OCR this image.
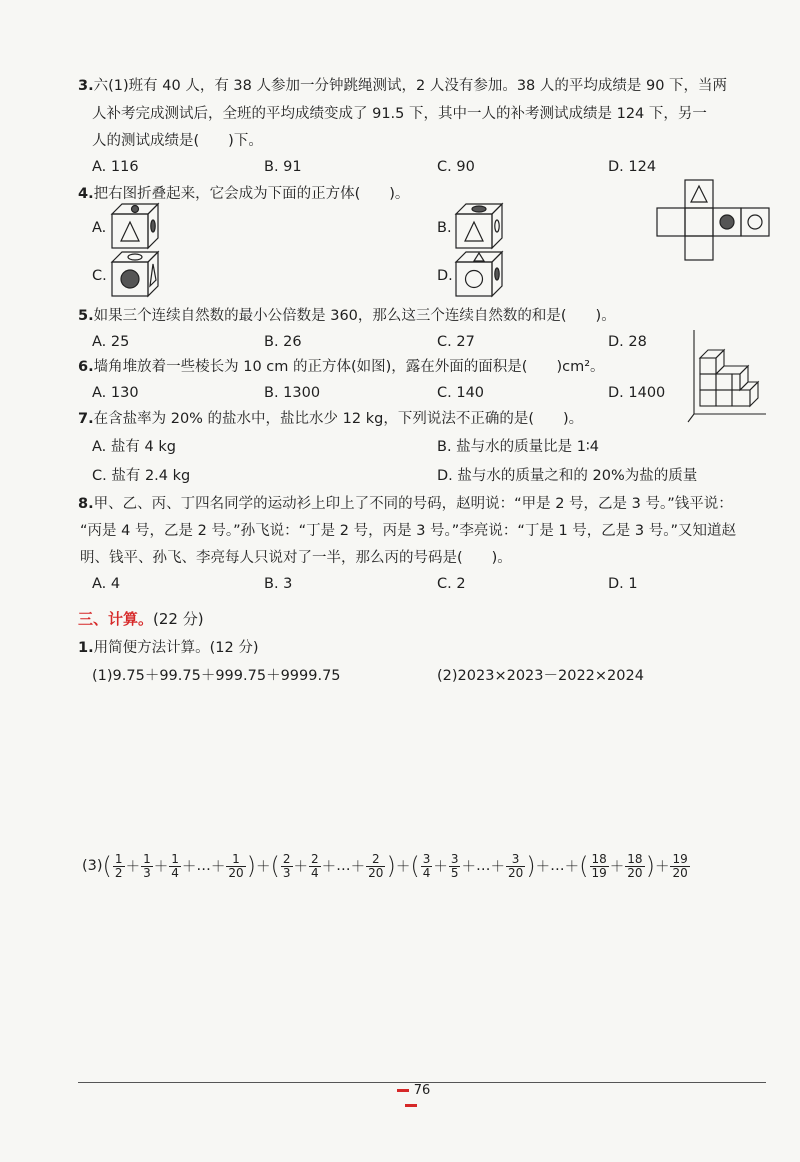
3.六(1)班有 40 人，有 38 人参加一分钟跳绳测试，2 人没有参加。38 人的平均成绩是 90 下，当两
人补考完成测试后，全班的平均成绩变成了 91.5 下，其中一人的补考测试成绩是 124 下，另一
人的测试成绩是(　　)下。
A. 116	B. 91	C. 90	D. 124
4.把右图折叠起来，它会成为下面的正方体(　　)。
A.	B.
C.	D.
5.如果三个连续自然数的最小公倍数是 360，那么这三个连续自然数的和是(　　)。
A. 25	B. 26	C. 27	D. 28
6.墙角堆放着一些棱长为 10 cm 的正方体(如图)，露在外面的面积是(　　)cm²。
A. 130	B. 1300	C. 140	D. 1400
7.在含盐率为 20% 的盐水中，盐比水少 12 kg，下列说法不正确的是(　　)。
A. 盐有 4 kg	B. 盐与水的质量比是 1∶4
C. 盐有 2.4 kg	D. 盐与水的质量之和的 20%为盐的质量
8.甲、乙、丙、丁四名同学的运动衫上印上了不同的号码，赵明说：“甲是 2 号，乙是 3 号。”钱平说：
“丙是 4 号，乙是 2 号。”孙飞说：“丁是 2 号，丙是 3 号。”李亮说：“丁是 1 号，乙是 3 号。”又知道赵
明、钱平、孙飞、李亮每人只说对了一半，那么丙的号码是(　　)。
A. 4	B. 3	C. 2	D. 1
三、计算。(22 分)
1.用简便方法计算。(12 分)
(1)9.75＋99.75＋999.75＋9999.75	(2)2023×2023－2022×2024
$(3)( \frac{1}{2} + \frac{1}{3} + \frac{1}{4}$ ＋…＋ $\frac{1}{20}$ )＋( $\frac{2}{3} + \frac{2}{4}$ ＋…＋ $\frac{2}{20}$ )＋( $\frac{3}{4} + \frac{3}{5}$ ＋…＋ $\frac{3}{20}$ )＋…＋( $\frac{18}{19} + \frac{18}{20}$ )＋ $\frac{19}{20}$
76
